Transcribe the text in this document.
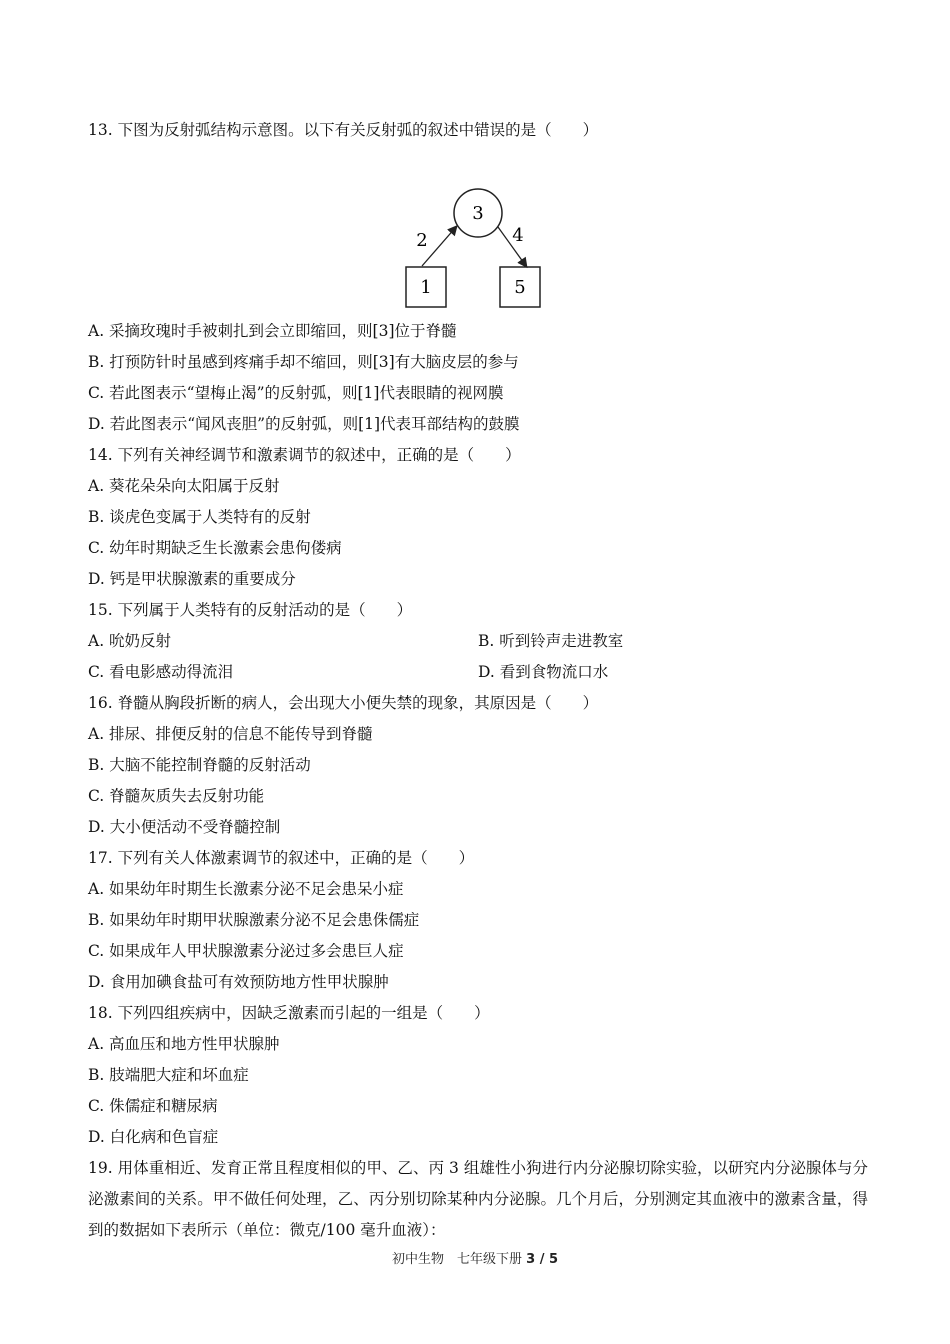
13. 下图为反射弧结构示意图。以下有关反射弧的叙述中错误的是（　　）
3
1	5
2	4
A. 采摘玫瑰时手被刺扎到会立即缩回，则[3]位于脊髓
B. 打预防针时虽感到疼痛手却不缩回，则[3]有大脑皮层的参与
C. 若此图表示“望梅止渴”的反射弧，则[1]代表眼睛的视网膜
D. 若此图表示“闻风丧胆”的反射弧，则[1]代表耳部结构的鼓膜
14. 下列有关神经调节和激素调节的叙述中，正确的是（　　）
A. 葵花朵朵向太阳属于反射
B. 谈虎色变属于人类特有的反射
C. 幼年时期缺乏生长激素会患佝偻病
D. 钙是甲状腺激素的重要成分
15. 下列属于人类特有的反射活动的是（　　）
A. 吮奶反射	B. 听到铃声走进教室
C. 看电影感动得流泪	D. 看到食物流口水
16. 脊髓从胸段折断的病人，会出现大小便失禁的现象，其原因是（　　）
A. 排尿、排便反射的信息不能传导到脊髓
B. 大脑不能控制脊髓的反射活动
C. 脊髓灰质失去反射功能
D. 大小便活动不受脊髓控制
17. 下列有关人体激素调节的叙述中，正确的是（　　）
A. 如果幼年时期生长激素分泌不足会患呆小症
B. 如果幼年时期甲状腺激素分泌不足会患侏儒症
C. 如果成年人甲状腺激素分泌过多会患巨人症
D. 食用加碘食盐可有效预防地方性甲状腺肿
18. 下列四组疾病中，因缺乏激素而引起的一组是（　　）
A. 高血压和地方性甲状腺肿
B. 肢端肥大症和坏血症
C. 侏儒症和糖尿病
D. 白化病和色盲症
19. 用体重相近、发育正常且程度相似的甲、乙、丙 3 组雄性小狗进行内分泌腺切除实验，以研究内分泌腺体与分泌激素间的关系。甲不做任何处理，乙、丙分别切除某种内分泌腺。几个月后，分别测定其血液中的激素含量，得到的数据如下表所示（单位：微克/100 毫升血液）：
初中生物　七年级下册 3 / 5
